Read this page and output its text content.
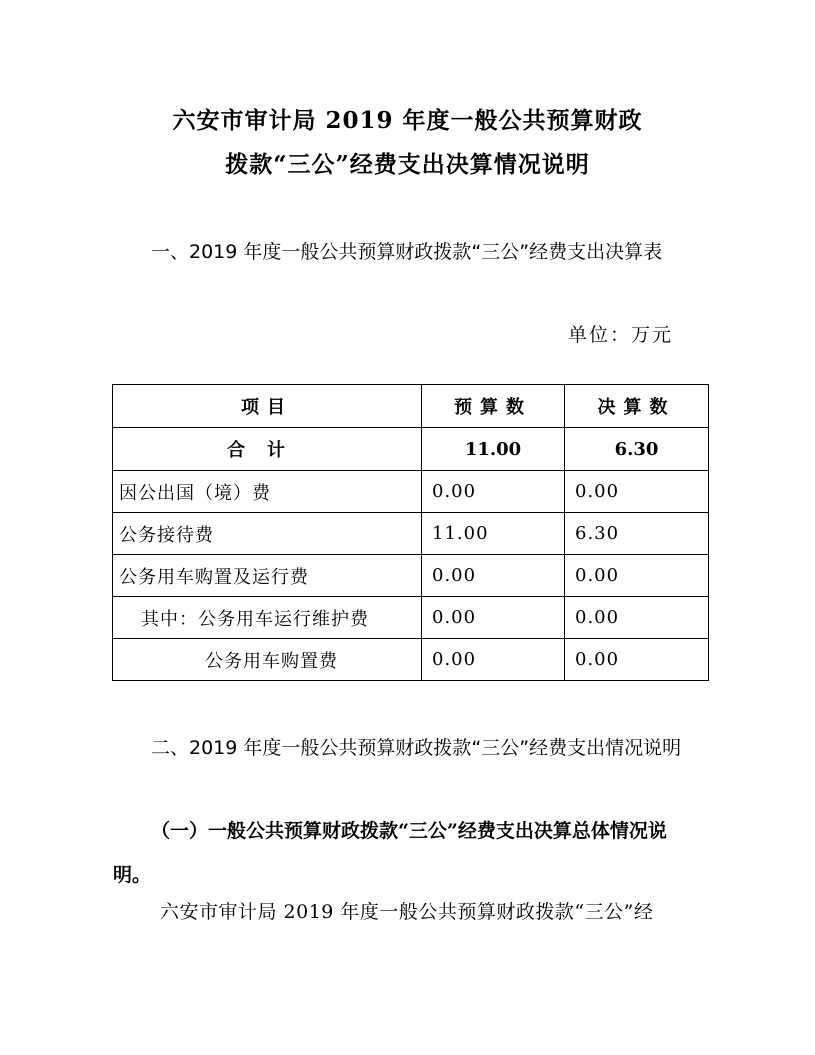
六安市审计局 2019 年度一般公共预算财政
拨款“三公”经费支出决算情况说明
一、2019 年度一般公共预算财政拨款“三公”经费支出决算表
单位：万元
项目	预算数	决算数
合计	11.00	6.30
因公出国（境）费	0.00	0.00
公务接待费	11.00	6.30
公务用车购置及运行费	0.00	0.00
其中：公务用车运行维护费	0.00	0.00
公务用车购置费	0.00	0.00
二、2019 年度一般公共预算财政拨款“三公”经费支出情况说明
（一）一般公共预算财政拨款“三公”经费支出决算总体情况说明。
六安市审计局 2019 年度一般公共预算财政拨款“三公”经
